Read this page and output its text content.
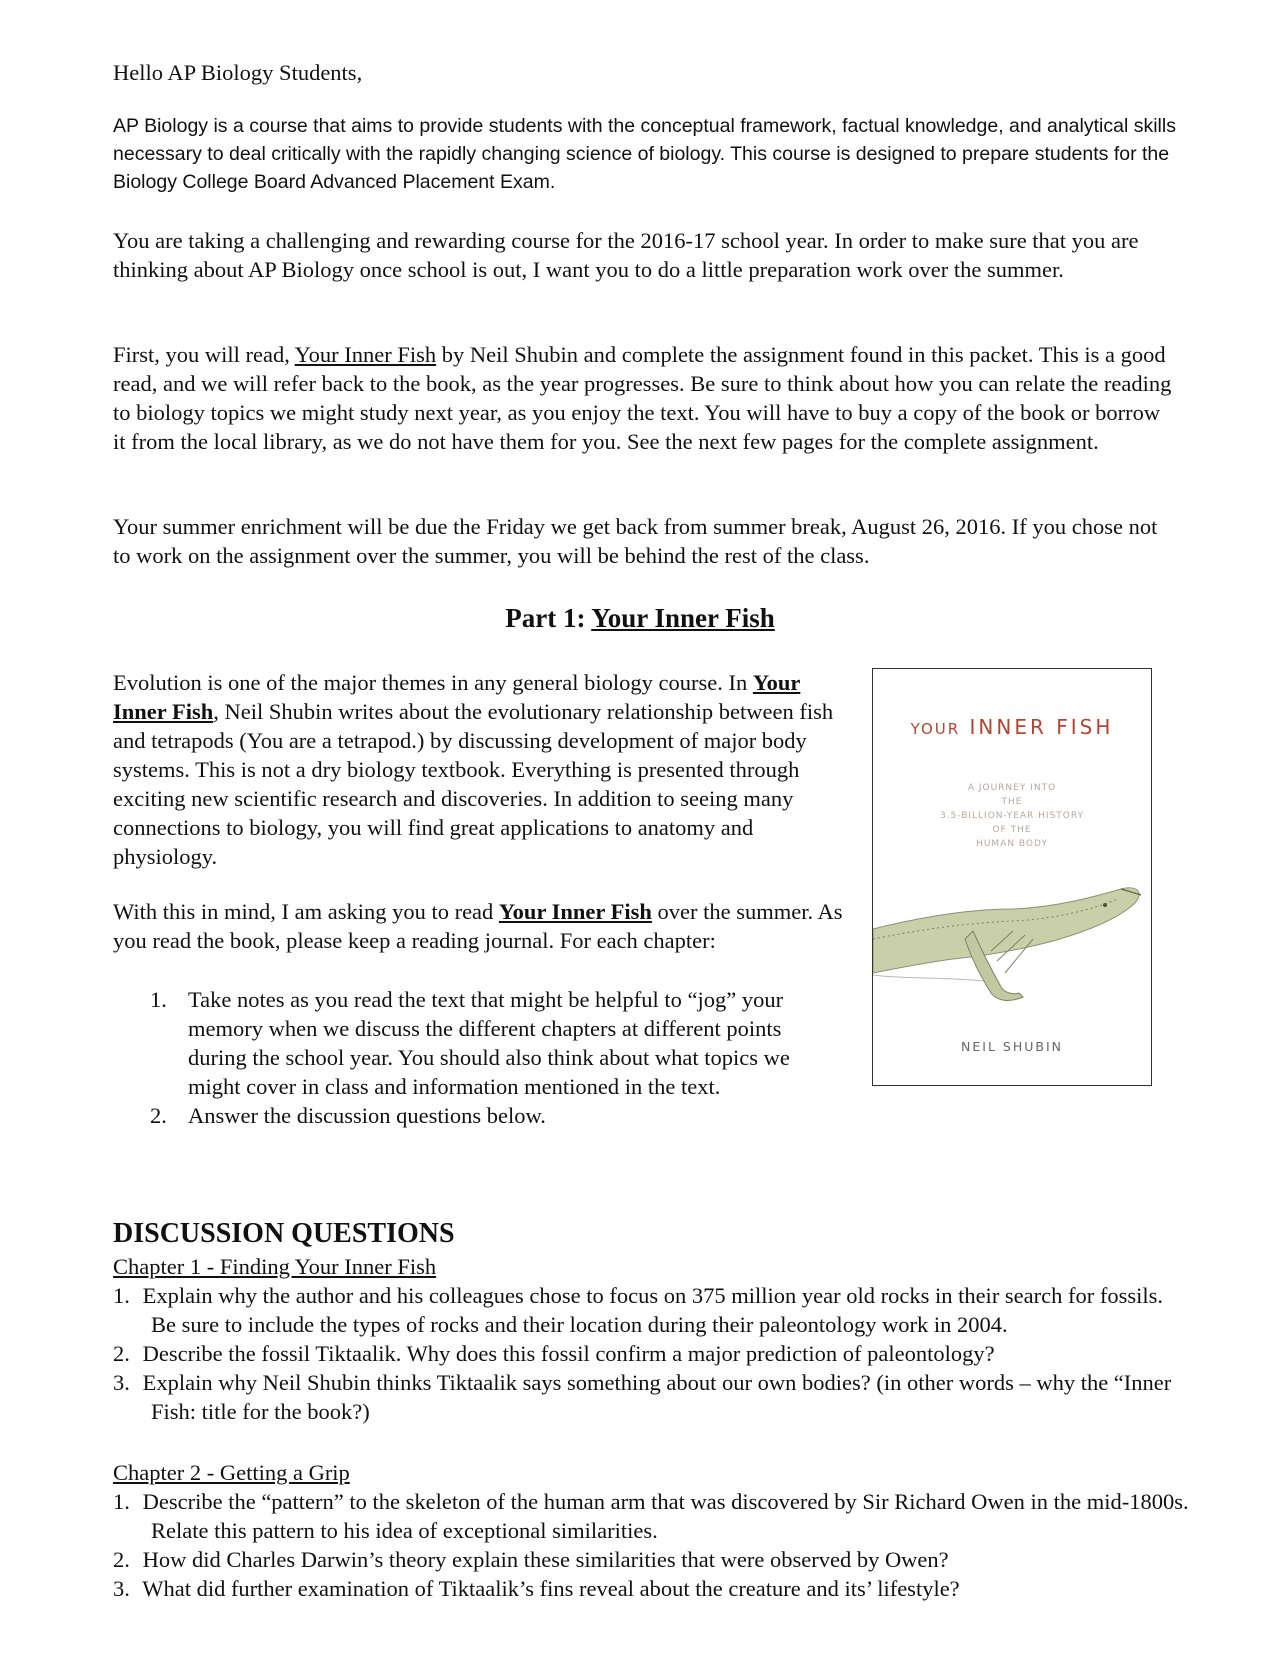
Hello AP Biology Students,

AP Biology is a course that aims to provide students with the conceptual framework, factual knowledge, and analytical skills necessary to deal critically with the rapidly changing science of biology. This course is designed to prepare students for the Biology College Board Advanced Placement Exam.

You are taking a challenging and rewarding course for the 2016-17 school year. In order to make sure that you are thinking about AP Biology once school is out, I want you to do a little preparation work over the summer.

First, you will read, Your Inner Fish by Neil Shubin and complete the assignment found in this packet. This is a good read, and we will refer back to the book, as the year progresses. Be sure to think about how you can relate the reading to biology topics we might study next year, as you enjoy the text. You will have to buy a copy of the book or borrow it from the local library, as we do not have them for you. See the next few pages for the complete assignment.

Your summer enrichment will be due the Friday we get back from summer break, August 26, 2016. If you chose not to work on the assignment over the summer, you will be behind the rest of the class.

Part 1: Your Inner Fish

Evolution is one of the major themes in any general biology course. In Your Inner Fish, Neil Shubin writes about the evolutionary relationship between fish and tetrapods (You are a tetrapod.) by discussing development of major body systems. This is not a dry biology textbook. Everything is presented through exciting new scientific research and discoveries. In addition to seeing many connections to biology, you will find great applications to anatomy and physiology.

With this in mind, I am asking you to read Your Inner Fish over the summer. As you read the book, please keep a reading journal. For each chapter:

1. Take notes as you read the text that might be helpful to “jog” your memory when we discuss the different chapters at different points during the school year. You should also think about what topics we might cover in class and information mentioned in the text.
2. Answer the discussion questions below.
YOUR INNER FISH
A JOURNEY INTO
THE
3.5-BILLION-YEAR HISTORY
OF THE
HUMAN BODY
NEIL SHUBIN
DISCUSSION QUESTIONS

Chapter 1 - Finding Your Inner Fish

1. Explain why the author and his colleagues chose to focus on 375 million year old rocks in their search for fossils. Be sure to include the types of rocks and their location during their paleontology work in 2004.
2. Describe the fossil Tiktaalik. Why does this fossil confirm a major prediction of paleontology?
3. Explain why Neil Shubin thinks Tiktaalik says something about our own bodies? (in other words – why the “Inner Fish: title for the book?)

Chapter 2 - Getting a Grip

1. Describe the “pattern” to the skeleton of the human arm that was discovered by Sir Richard Owen in the mid-1800s. Relate this pattern to his idea of exceptional similarities.
2. How did Charles Darwin’s theory explain these similarities that were observed by Owen?
3. What did further examination of Tiktaalik’s fins reveal about the creature and its’ lifestyle?
